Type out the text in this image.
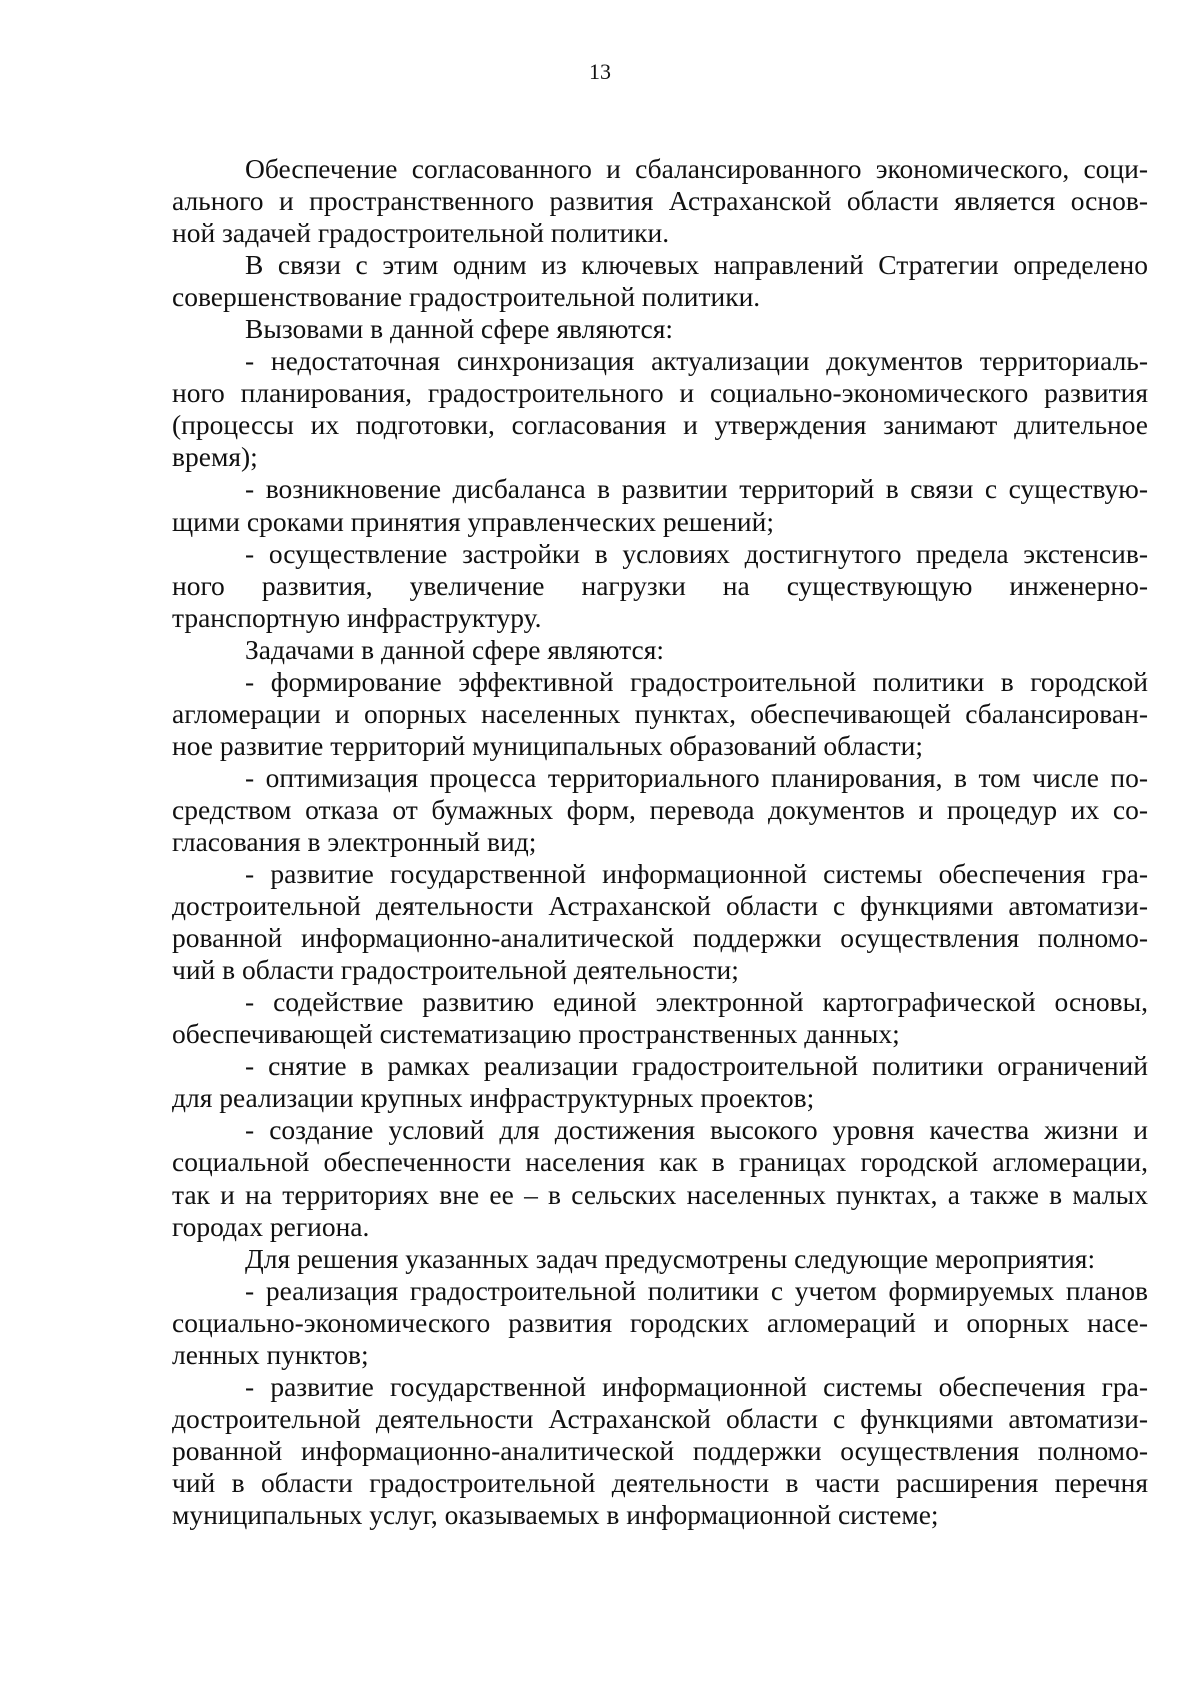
13
Обеспечение согласованного и сбалансированного экономического, соци-
ального и пространственного развития Астраханской области является основ-
ной задачей градостроительной политики.
В связи с этим одним из ключевых направлений Стратегии определено
совершенствование градостроительной политики.
Вызовами в данной сфере являются:
- недостаточная синхронизация актуализации документов территориаль-
ного планирования, градостроительного и социально-экономического развития
(процессы их подготовки, согласования и утверждения занимают длительное
время);
- возникновение дисбаланса в развитии территорий в связи с существую-
щими сроками принятия управленческих решений;
- осуществление застройки в условиях достигнутого предела экстенсив-
ного развития, увеличение нагрузки на существующую инженерно-
транспортную инфраструктуру.
Задачами в данной сфере являются:
- формирование эффективной градостроительной политики в городской
агломерации и опорных населенных пунктах, обеспечивающей сбалансирован-
ное развитие территорий муниципальных образований области;
- оптимизация процесса территориального планирования, в том числе по-
средством отказа от бумажных форм, перевода документов и процедур их со-
гласования в электронный вид;
- развитие государственной информационной системы обеспечения гра-
достроительной деятельности Астраханской области с функциями автоматизи-
рованной информационно-аналитической поддержки осуществления полномо-
чий в области градостроительной деятельности;
- содействие развитию единой электронной картографической основы,
обеспечивающей систематизацию пространственных данных;
- снятие в рамках реализации градостроительной политики ограничений
для реализации крупных инфраструктурных проектов;
- создание условий для достижения высокого уровня качества жизни и
социальной обеспеченности населения как в границах городской агломерации,
так и на территориях вне ее – в сельских населенных пунктах, а также в малых
городах региона.
Для решения указанных задач предусмотрены следующие мероприятия:
- реализация градостроительной политики с учетом формируемых планов
социально-экономического развития городских агломераций и опорных насе-
ленных пунктов;
- развитие государственной информационной системы обеспечения гра-
достроительной деятельности Астраханской области с функциями автоматизи-
рованной информационно-аналитической поддержки осуществления полномо-
чий в области градостроительной деятельности в части расширения перечня
муниципальных услуг, оказываемых в информационной системе;
